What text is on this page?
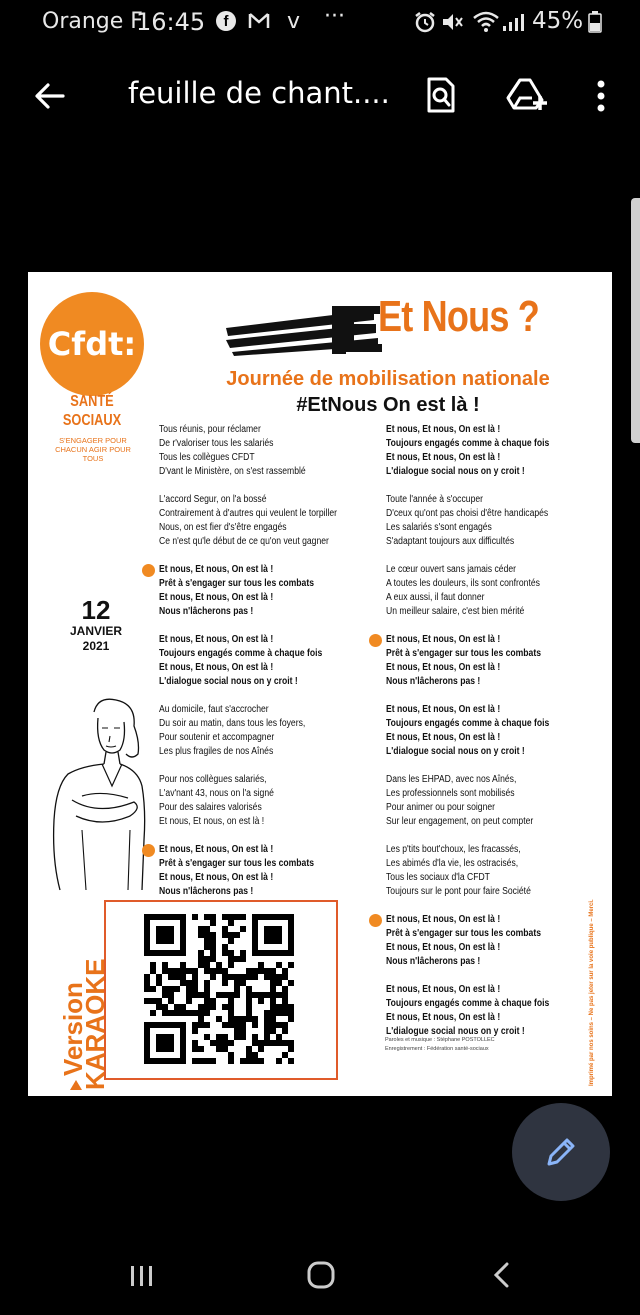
Orange F
16:45	f	v ···	45%
feuille de chant....
Cfdt:
Et Nous ?
SANTÉ
SOCIAUX
S'ENGAGER POUR CHACUN AGIR POUR TOUS
Journée de mobilisation nationale
#EtNous On est là !
12
JANVIER
2021
Tous réunis, pour réclamer
De r'valoriser tous les salariés
Tous les collègues CFDT
D'vant le Ministère, on s'est rassemblé
L'accord Segur, on l'a bossé
Contrairement à d'autres qui veulent le torpiller
Nous, on est fier d's'être engagés
Ce n'est qu'le début de ce qu'on veut gagner
Et nous, Et nous, On est là !
Prêt à s'engager sur tous les combats
Et nous, Et nous, On est là !
Nous n'lâcherons pas !
Et nous, Et nous, On est là !
Toujours engagés comme à chaque fois
Et nous, Et nous, On est là !
L'dialogue social nous on y croit !
Au domicile, faut s'accrocher
Du soir au matin, dans tous les foyers,
Pour soutenir et accompagner
Les plus fragiles de nos Aînés
Pour nos collègues salariés,
L'av'nant 43, nous on l'a signé
Pour des salaires valorisés
Et nous, Et nous, on est là !
Et nous, Et nous, On est là !
Prêt à s'engager sur tous les combats
Et nous, Et nous, On est là !
Nous n'lâcherons pas !
Et nous, Et nous, On est là !
Toujours engagés comme à chaque fois
Et nous, Et nous, On est là !
L'dialogue social nous on y croit !
Toute l'année à s'occuper
D'ceux qu'ont pas choisi d'être handicapés
Les salariés s'sont engagés
S'adaptant toujours aux difficultés
Le cœur ouvert sans jamais céder
A toutes les douleurs, ils sont confrontés
A eux aussi, il faut donner
Un meilleur salaire, c'est bien mérité
Et nous, Et nous, On est là !
Prêt à s'engager sur tous les combats
Et nous, Et nous, On est là !
Nous n'lâcherons pas !
Et nous, Et nous, On est là !
Toujours engagés comme à chaque fois
Et nous, Et nous, On est là !
L'dialogue social nous on y croit !
Dans les EHPAD, avec nos Aînés,
Les professionnels sont mobilisés
Pour animer ou pour soigner
Sur leur engagement, on peut compter
Les p'tits bout'choux, les fracassés,
Les abimés d'la vie, les ostracisés,
Tous les sociaux d'la CFDT
Toujours sur le pont pour faire Société
Et nous, Et nous, On est là !
Prêt à s'engager sur tous les combats
Et nous, Et nous, On est là !
Nous n'lâcherons pas !
Et nous, Et nous, On est là !
Toujours engagés comme à chaque fois
Et nous, Et nous, On est là !
L'dialogue social nous on y croit !
Version
KARAOKE	Paroles et musique : Stéphane POSTOLLEC
Enregistrement : Fédération santé-sociaux	Imprimé par nos soins – Ne pas jeter sur la voie publique – Merci.
